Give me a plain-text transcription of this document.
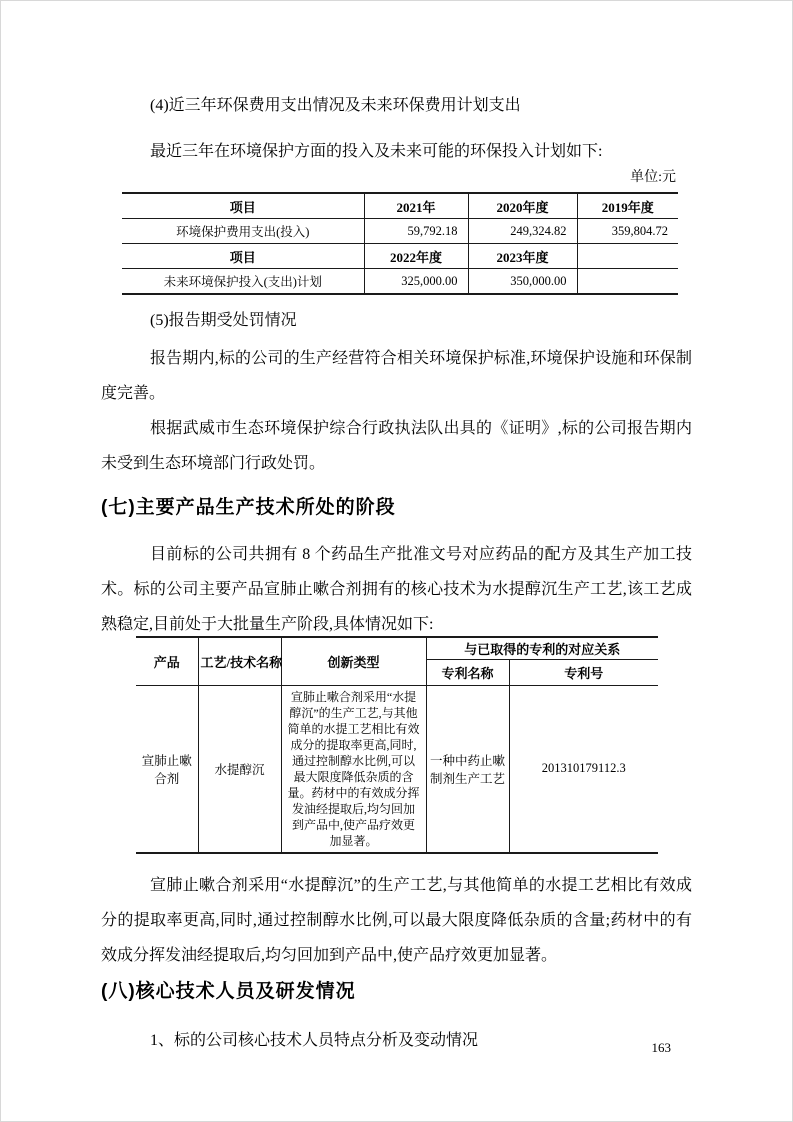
(4)近三年环保费用支出情况及未来环保费用计划支出

最近三年在环境保护方面的投入及未来可能的环保投入计划如下:

单位:元
项目	2021年	2020年度	2019年度
环境保护费用支出(投入)	59,792.18	249,324.82	359,804.72
项目	2022年度	2023年度	
未来环境保护投入(支出)计划	325,000.00	350,000.00	

(5)报告期受处罚情况

报告期内,标的公司的生产经营符合相关环境保护标准,环境保护设施和环保制度完善。

根据武威市生态环境保护综合行政执法队出具的《证明》,标的公司报告期内未受到生态环境部门行政处罚。

(七)主要产品生产技术所处的阶段

目前标的公司共拥有 8 个药品生产批准文号对应药品的配方及其生产加工技术。标的公司主要产品宣肺止嗽合剂拥有的核心技术为水提醇沉生产工艺,该工艺成熟稳定,目前处于大批量生产阶段,具体情况如下:

产品	工艺/技术名称	创新类型	与已取得的专利的对应关系	
			专利名称	专利号
宣肺止嗽合剂	水提醇沉	宣肺止嗽合剂采用“水提醇沉”的生产工艺,与其他简单的水提工艺相比有效成分的提取率更高,同时,通过控制醇水比例,可以最大限度降低杂质的含量。药材中的有效成分挥发油经提取后,均匀回加到产品中,使产品疗效更加显著。	一种中药止嗽制剂生产工艺	201310179112.3

宣肺止嗽合剂采用“水提醇沉”的生产工艺,与其他简单的水提工艺相比有效成分的提取率更高,同时,通过控制醇水比例,可以最大限度降低杂质的含量;药材中的有效成分挥发油经提取后,均匀回加到产品中,使产品疗效更加显著。

(八)核心技术人员及研发情况

1、标的公司核心技术人员特点分析及变动情况	163
